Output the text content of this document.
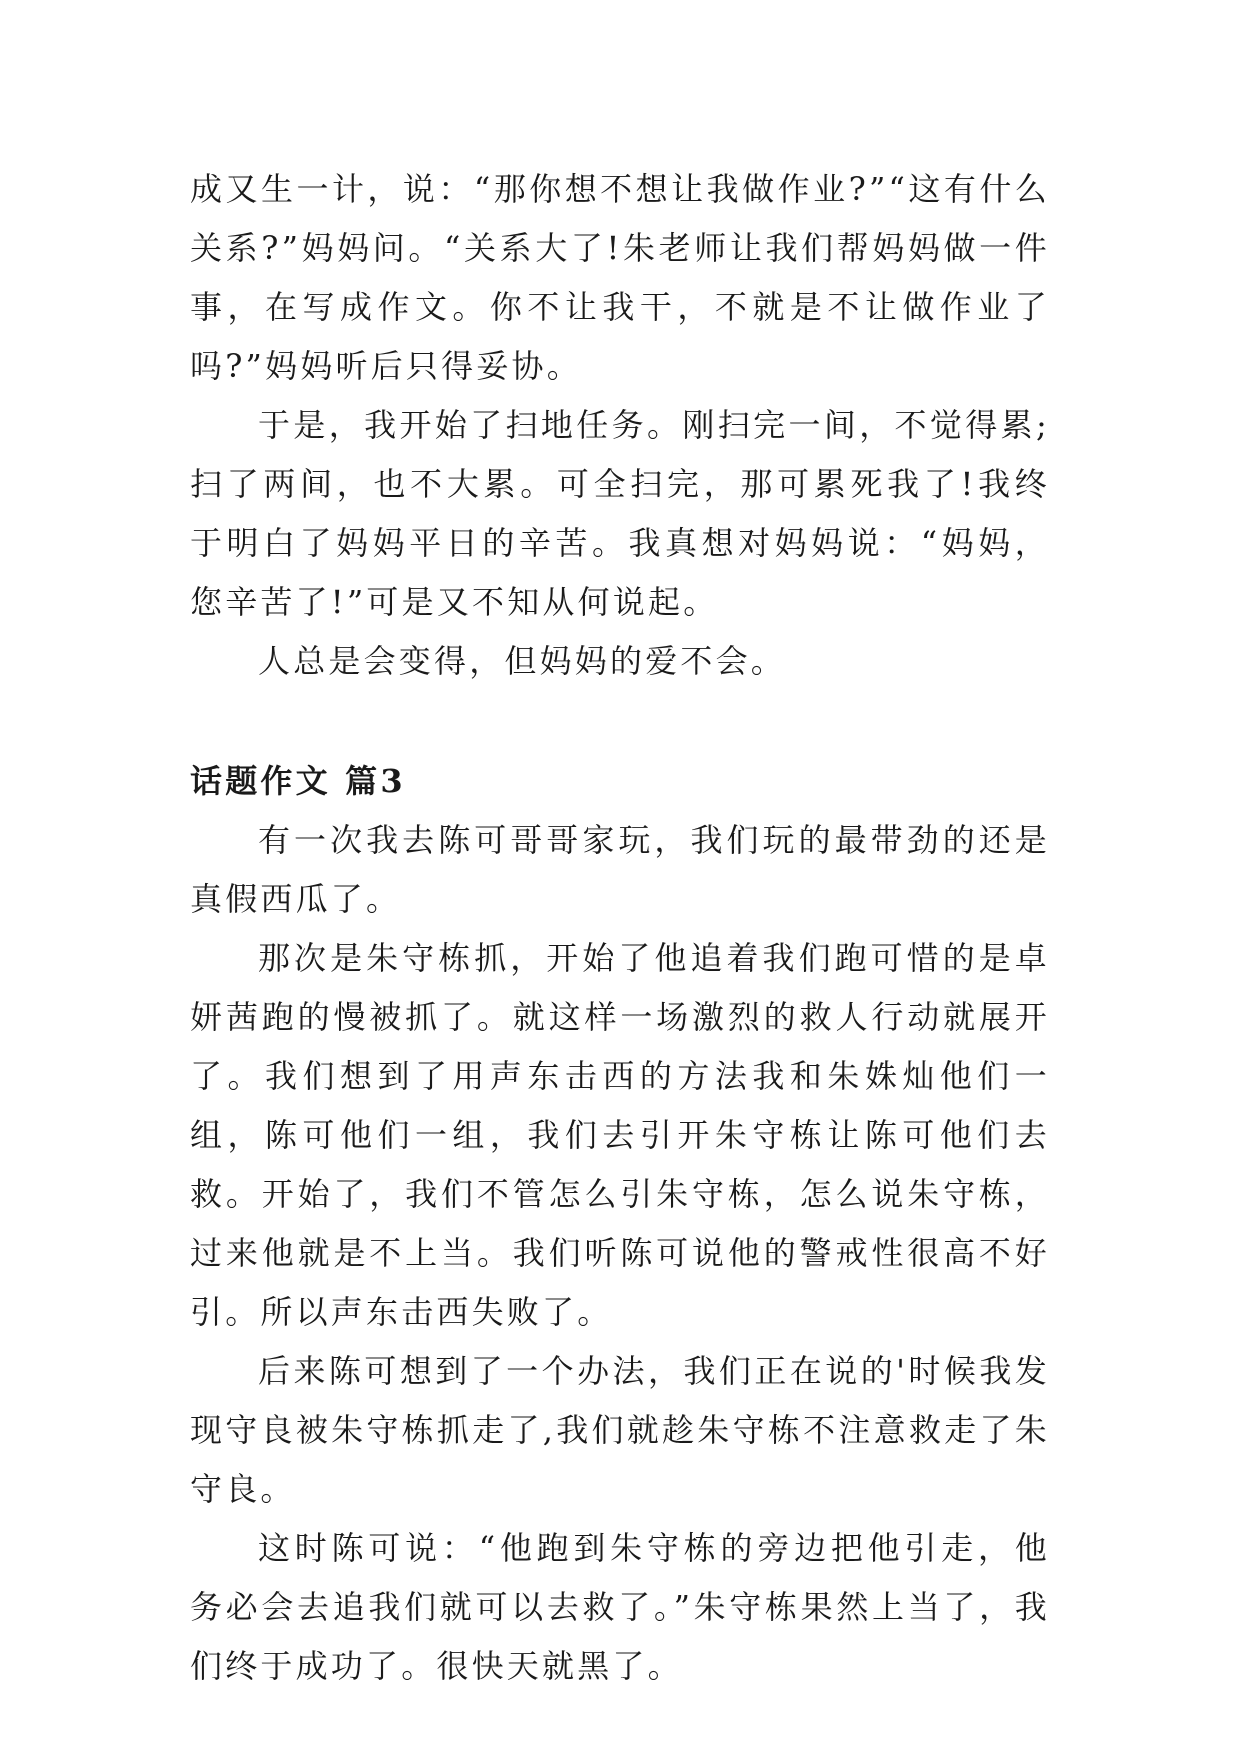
成又生一计，说：“那你想不想让我做作业?”“这有什么关系?”妈妈问。“关系大了!朱老师让我们帮妈妈做一件事，在写成作文。你不让我干，不就是不让做作业了吗?”妈妈听后只得妥协。

于是，我开始了扫地任务。刚扫完一间，不觉得累;扫了两间，也不大累。可全扫完，那可累死我了!我终于明白了妈妈平日的辛苦。我真想对妈妈说：“妈妈，您辛苦了!”可是又不知从何说起。

人总是会变得，但妈妈的爱不会。

话题作文 篇3

有一次我去陈可哥哥家玩，我们玩的最带劲的还是真假西瓜了。

那次是朱守栋抓，开始了他追着我们跑可惜的是卓妍茜跑的慢被抓了。就这样一场激烈的救人行动就展开了。我们想到了用声东击西的方法我和朱姝灿他们一组，陈可他们一组，我们去引开朱守栋让陈可他们去救。开始了，我们不管怎么引朱守栋，怎么说朱守栋，过来他就是不上当。我们听陈可说他的警戒性很高不好引。所以声东击西失败了。

后来陈可想到了一个办法，我们正在说的'时候我发现守良被朱守栋抓走了,我们就趁朱守栋不注意救走了朱守良。

这时陈可说：“他跑到朱守栋的旁边把他引走，他务必会去追我们就可以去救了。”朱守栋果然上当了，我们终于成功了。很快天就黑了。
